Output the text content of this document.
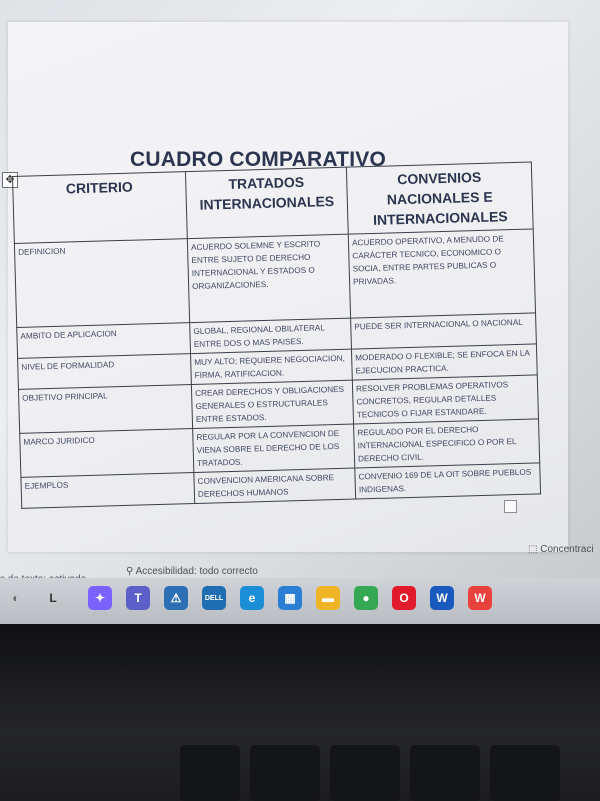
CUADRO COMPARATIVO
✥	CRITERIO	TRATADOS INTERNACIONALES	CONVENIOS NACIONALES E INTERNACIONALES
DEFINICION	ACUERDO SOLEMNE Y ESCRITO ENTRE SUJETO DE DERECHO INTERNACIONAL Y ESTADOS O ORGANIZACIONES.	ACUERDO OPERATIVO, A MENUDO DE CARÁCTER TECNICO, ECONOMICO O SOCIA, ENTRE PARTES PUBLICAS O PRIVADAS.
AMBITO DE APLICACION	GLOBAL, REGIONAL OBILATERAL ENTRE DOS O MAS PAISES.	PUEDE SER INTERNACIONAL O NACIONAL
NIVEL DE FORMALIDAD	MUY ALTO; REQUIERE NEGOCIACION, FIRMA, RATIFICACION.	MODERADO O FLEXIBLE; SE ENFOCA EN LA EJECUCION PRACTICA.
OBJETIVO PRINCIPAL	CREAR DERECHOS Y OBLIGACIONES GENERALES O ESTRUCTURALES ENTRE ESTADOS.	RESOLVER PROBLEMAS OPERATIVOS CONCRETOS, REGULAR DETALLES TECNICOS O FIJAR ESTANDARE.
MARCO JURIDICO	REGULAR POR LA CONVENCION DE VIENA SOBRE EL DERECHO DE LOS TRATADOS.	REGULADO POR EL DERECHO INTERNACIONAL ESPECIFICO O POR EL DERECHO CIVIL.
EJEMPLOS	CONVENCION AMERICANA SOBRE DERECHOS HUMANOS	CONVENIO 169 DE LA OIT SOBRE PUEBLOS INDIGENAS.
⚲ Accesibilidad: todo correcto
⬚ Concentraci
◐	L	✦	T	⚠	DELL	e	▦	▬	●	O	W	W
